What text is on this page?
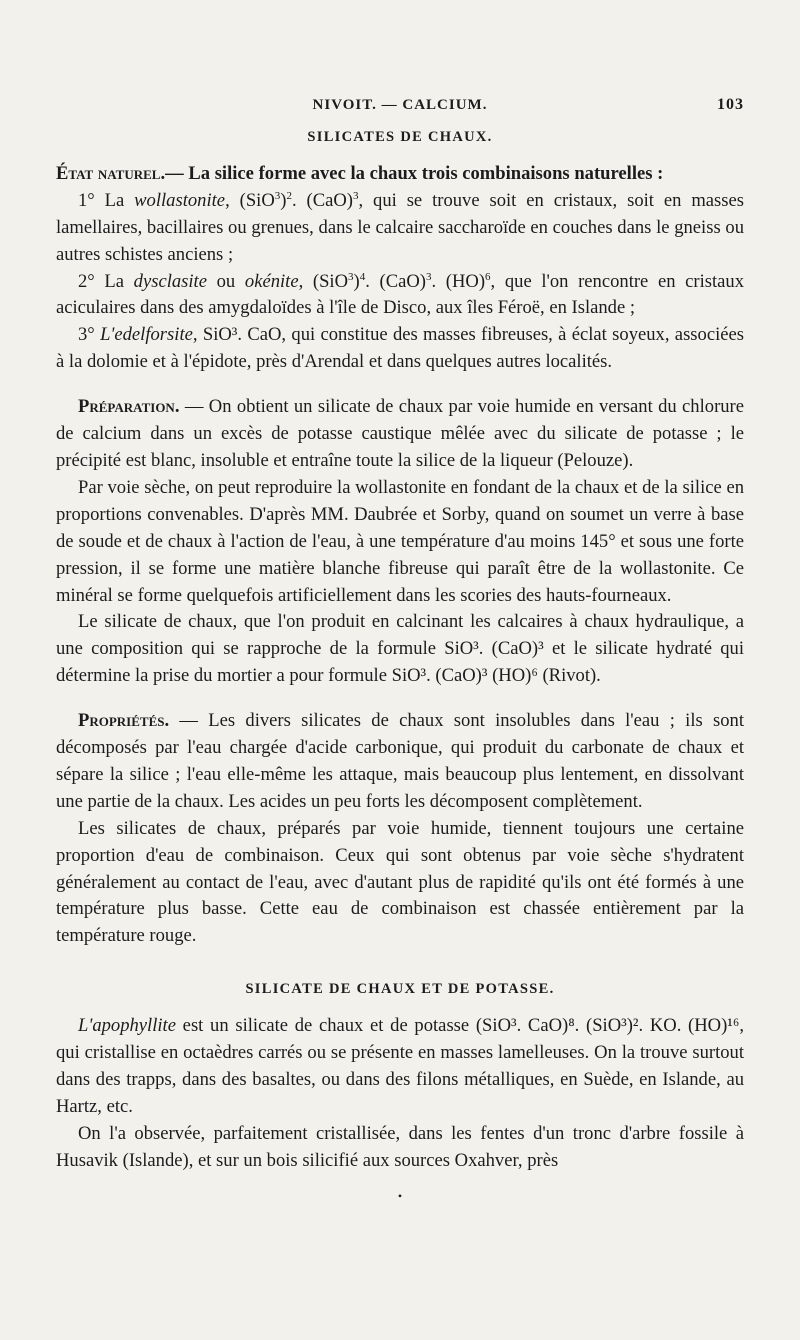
NIVOIT. — CALCIUM.	103
SILICATES DE CHAUX.

État naturel.— La silice forme avec la chaux trois combinaisons naturelles :

1° La wollastonite, $(SiO^3)^2$. (CaO)$^3$, qui se trouve soit en cristaux, soit en masses lamellaires, bacillaires ou grenues, dans le calcaire saccharoïde en couches dans le gneiss ou autres schistes anciens ;

2° La dysclasite ou okénite, $(SiO^3)^4$. (CaO)$^3$. (HO)$^6$, que l'on rencontre en cristaux aciculaires dans des amygdaloïdes à l'île de Disco, aux îles Féroë, en Islande ;

3° L'edelforsite, SiO³. CaO, qui constitue des masses fibreuses, à éclat soyeux, associées à la dolomie et à l'épidote, près d'Arendal et dans quelques autres localités.

Préparation. — On obtient un silicate de chaux par voie humide en versant du chlorure de calcium dans un excès de potasse caustique mêlée avec du silicate de potasse ; le précipité est blanc, insoluble et entraîne toute la silice de la liqueur (Pelouze).

Par voie sèche, on peut reproduire la wollastonite en fondant de la chaux et de la silice en proportions convenables. D'après MM. Daubrée et Sorby, quand on soumet un verre à base de soude et de chaux à l'action de l'eau, à une température d'au moins 145° et sous une forte pression, il se forme une matière blanche fibreuse qui paraît être de la wollastonite. Ce minéral se forme quelquefois artificiellement dans les scories des hauts-fourneaux.

Le silicate de chaux, que l'on produit en calcinant les calcaires à chaux hydraulique, a une composition qui se rapproche de la formule SiO³. (CaO)³ et le silicate hydraté qui détermine la prise du mortier a pour formule SiO³. (CaO)³ (HO)⁶ (Rivot).

Propriétés. — Les divers silicates de chaux sont insolubles dans l'eau ; ils sont décomposés par l'eau chargée d'acide carbonique, qui produit du carbonate de chaux et sépare la silice ; l'eau elle-même les attaque, mais beaucoup plus lentement, en dissolvant une partie de la chaux. Les acides un peu forts les décomposent complètement.

Les silicates de chaux, préparés par voie humide, tiennent toujours une certaine proportion d'eau de combinaison. Ceux qui sont obtenus par voie sèche s'hydratent généralement au contact de l'eau, avec d'autant plus de rapidité qu'ils ont été formés à une température plus basse. Cette eau de combinaison est chassée entièrement par la température rouge.

SILICATE DE CHAUX ET DE POTASSE.

L'apophyllite est un silicate de chaux et de potasse (SiO³. CaO)⁸. (SiO³)². KO. (HO)¹⁶, qui cristallise en octaèdres carrés ou se présente en masses lamelleuses. On la trouve surtout dans des trapps, dans des basaltes, ou dans des filons métalliques, en Suède, en Islande, au Hartz, etc.

On l'a observée, parfaitement cristallisée, dans les fentes d'un tronc d'arbre fossile à Husavik (Islande), et sur un bois silicifié aux sources Oxahver, près

•
